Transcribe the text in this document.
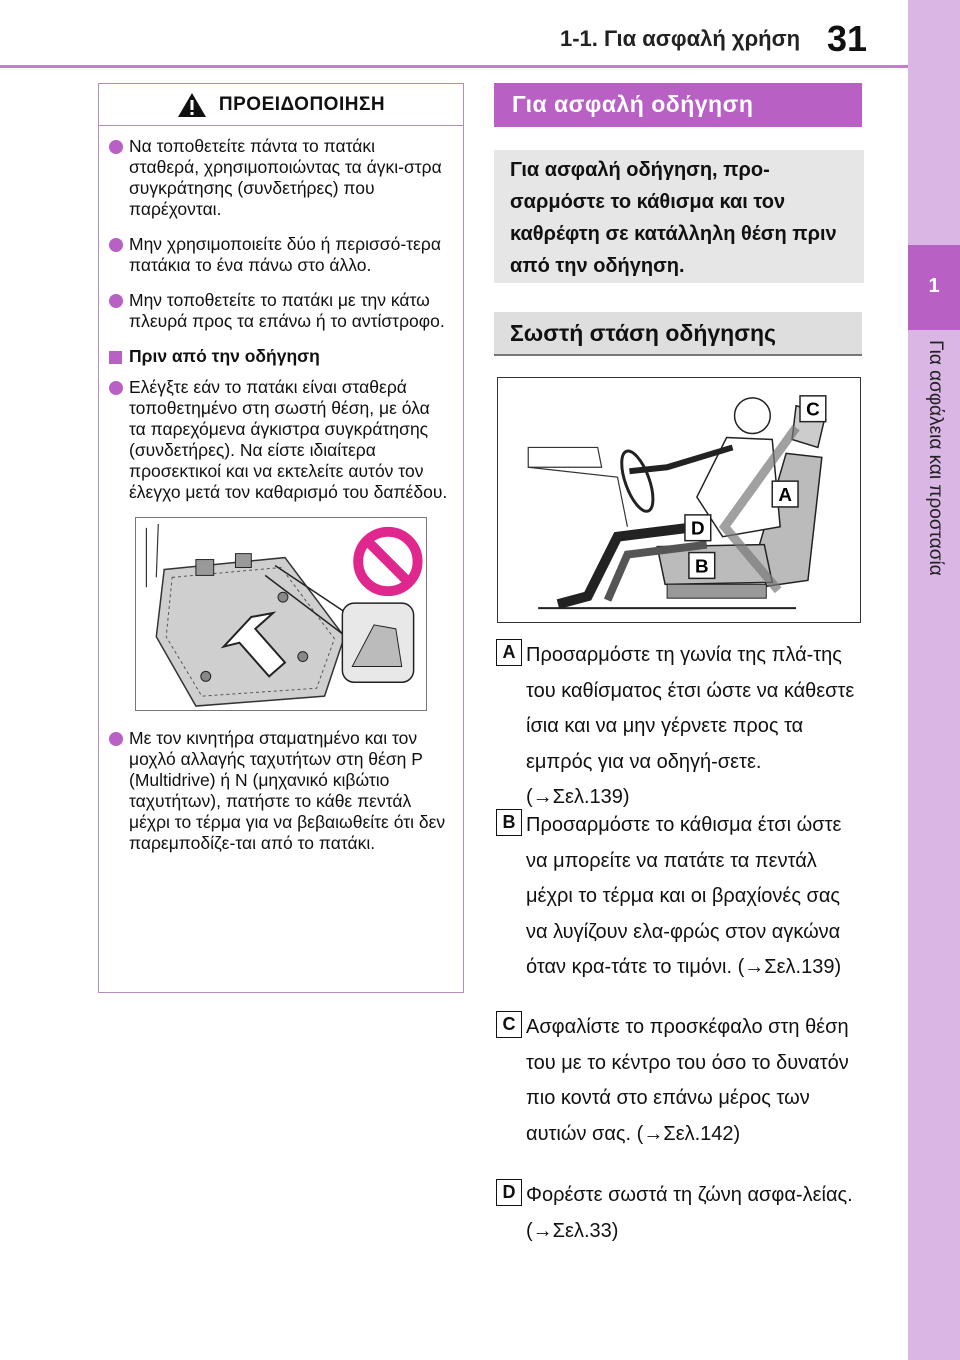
1-1. Για ασφαλή χρήση 31
1
Για ασφάλεια και προστασία
ΠΡΟΕΙΔΟΠΟΙΗΣΗ
Να τοποθετείτε πάντα το πατάκι σταθερά, χρησιμοποιώντας τα άγκι-στρα συγκράτησης (συνδετήρες) που παρέχονται.
Μην χρησιμοποιείτε δύο ή περισσό-τερα πατάκια το ένα πάνω στο άλλο.
Μην τοποθετείτε το πατάκι με την κάτω πλευρά προς τα επάνω ή το αντίστροφο.
Πριν από την οδήγηση
Ελέγξτε εάν το πατάκι είναι σταθερά τοποθετημένο στη σωστή θέση, με όλα τα παρεχόμενα άγκιστρα συγκράτησης (συνδετήρες). Να είστε ιδιαίτερα προσεκτικοί και να εκτελείτε αυτόν τον έλεγχο μετά τον καθαρισμό του δαπέδου.
Με τον κινητήρα σταματημένο και τον μοχλό αλλαγής ταχυτήτων στη θέση P (Multidrive) ή N (μηχανικό κιβώτιο ταχυτήτων), πατήστε το κάθε πεντάλ μέχρι το τέρμα για να βεβαιωθείτε ότι δεν παρεμποδίζε-ται από το πατάκι.
Για ασφαλή οδήγηση
Για ασφαλή οδήγηση, προ-σαρμόστε το κάθισμα και τον καθρέφτη σε κατάλληλη θέση πριν από την οδήγηση.
Σωστή στάση οδήγησης
C
A
D
B
A Προσαρμόστε τη γωνία της πλά-της του καθίσματος έτσι ώστε να κάθεστε ίσια και να μην γέρνετε προς τα εμπρός για να οδηγή-σετε. (→Σελ.139)
B Προσαρμόστε το κάθισμα έτσι ώστε να μπορείτε να πατάτε τα πεντάλ μέχρι το τέρμα και οι βραχίονές σας να λυγίζουν ελα-φρώς στον αγκώνα όταν κρα-τάτε το τιμόνι. (→Σελ.139)
C Ασφαλίστε το προσκέφαλο στη θέση του με το κέντρο του όσο το δυνατόν πιο κοντά στο επάνω μέρος των αυτιών σας. (→Σελ.142)
D Φορέστε σωστά τη ζώνη ασφα-λείας. (→Σελ.33)
